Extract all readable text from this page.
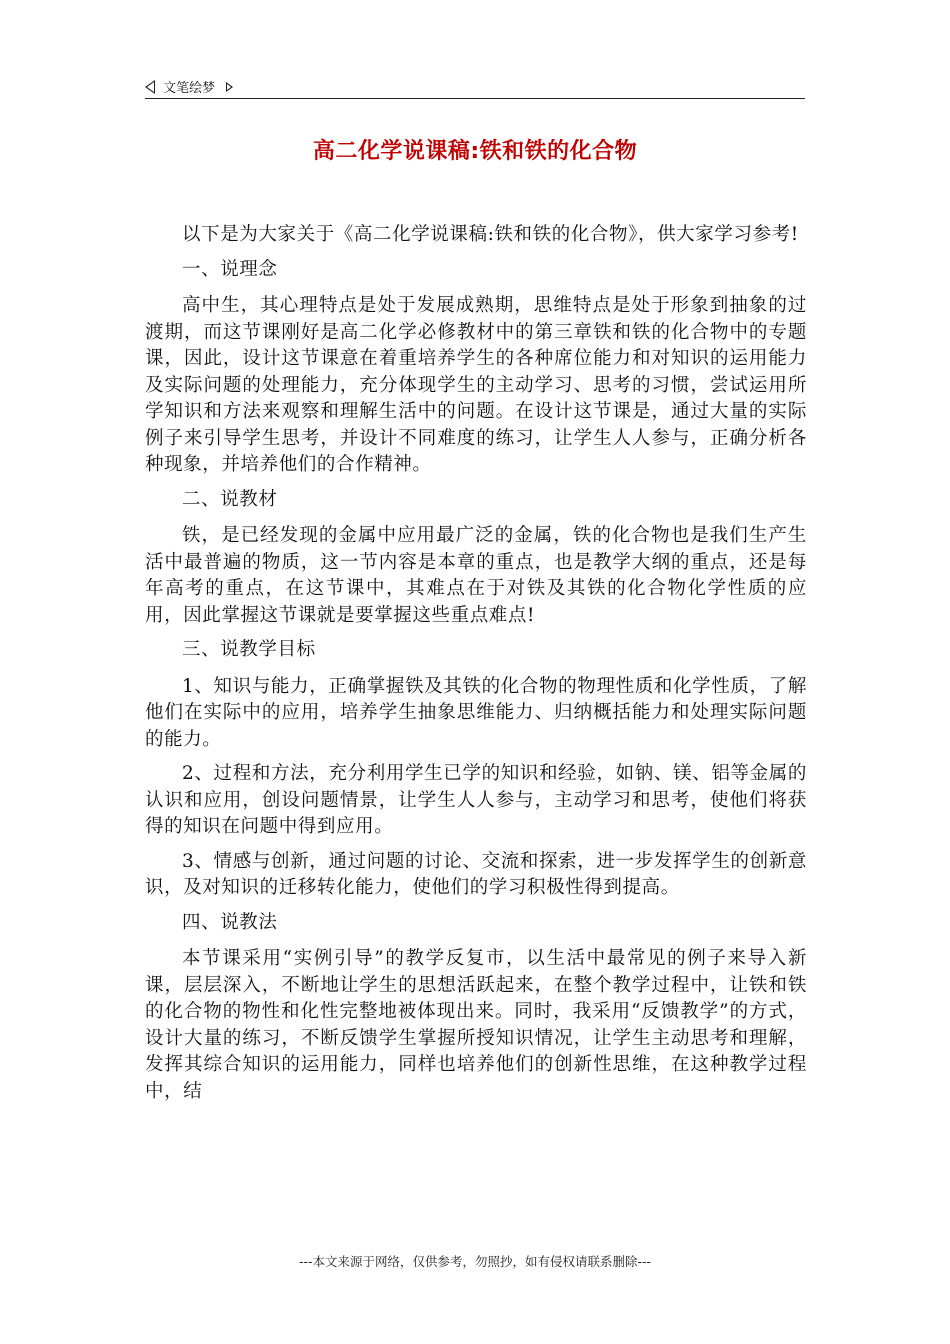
文笔绘梦
高二化学说课稿:铁和铁的化合物

以下是为大家关于《高二化学说课稿:铁和铁的化合物》，供大家学习参考!

一、说理念

高中生，其心理特点是处于发展成熟期，思维特点是处于形象到抽象的过渡期，而这节课刚好是高二化学必修教材中的第三章铁和铁的化合物中的专题课，因此，设计这节课意在着重培养学生的各种席位能力和对知识的运用能力及实际问题的处理能力，充分体现学生的主动学习、思考的习惯，尝试运用所学知识和方法来观察和理解生活中的问题。在设计这节课是，通过大量的实际例子来引导学生思考，并设计不同难度的练习，让学生人人参与，正确分析各种现象，并培养他们的合作精神。

二、说教材

铁，是已经发现的金属中应用最广泛的金属，铁的化合物也是我们生产生活中最普遍的物质，这一节内容是本章的重点，也是教学大纲的重点，还是每年高考的重点，在这节课中，其难点在于对铁及其铁的化合物化学性质的应用，因此掌握这节课就是要掌握这些重点难点!

三、说教学目标

1、知识与能力，正确掌握铁及其铁的化合物的物理性质和化学性质，了解他们在实际中的应用，培养学生抽象思维能力、归纳概括能力和处理实际问题的能力。

2、过程和方法，充分利用学生已学的知识和经验，如钠、镁、铝等金属的认识和应用，创设问题情景，让学生人人参与，主动学习和思考，使他们将获得的知识在问题中得到应用。

3、情感与创新，通过问题的讨论、交流和探索，进一步发挥学生的创新意识，及对知识的迁移转化能力，使他们的学习积极性得到提高。

四、说教法

本节课采用“实例引导”的教学反复市，以生活中最常见的例子来导入新课，层层深入，不断地让学生的思想活跃起来，在整个教学过程中，让铁和铁的化合物的物性和化性完整地被体现出来。同时，我采用“反馈教学”的方式，设计大量的练习，不断反馈学生掌握所授知识情况，让学生主动思考和理解，发挥其综合知识的运用能力，同样也培养他们的创新性思维，在这种教学过程中，结

---本文来源于网络，仅供参考，勿照抄，如有侵权请联系删除---
